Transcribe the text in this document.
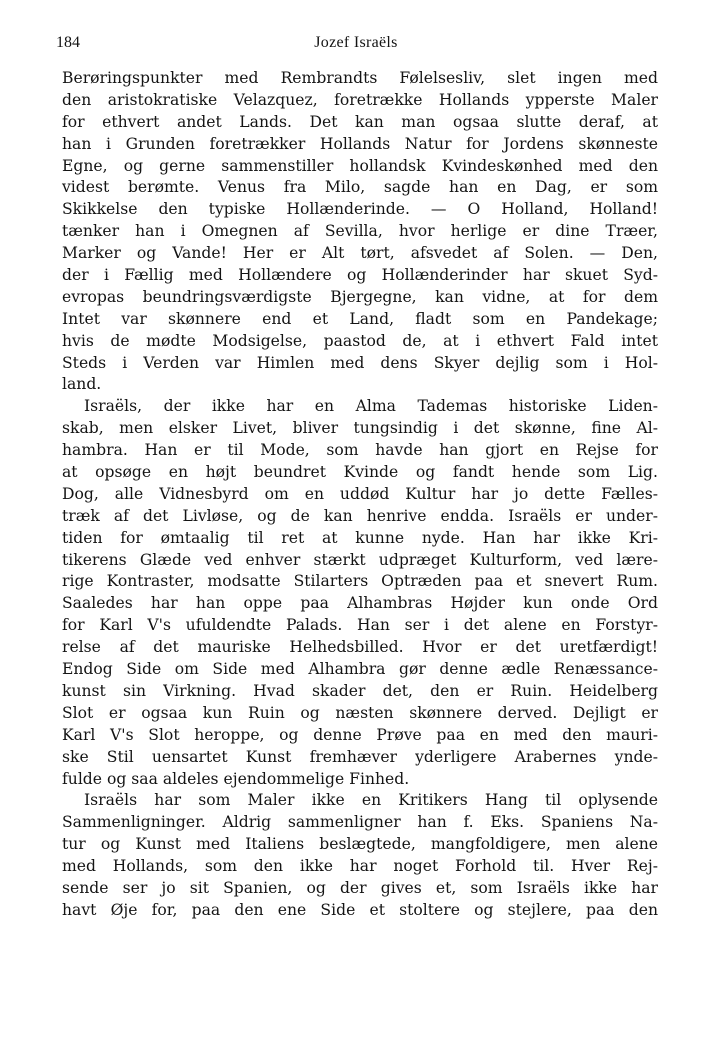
184	Jozef Israëls
Berøringspunkter med Rembrandts Følelsesliv, slet ingen med
den aristokratiske Velazquez, foretrække Hollands ypperste Maler
for ethvert andet Lands. Det kan man ogsaa slutte deraf, at
han i Grunden foretrækker Hollands Natur for Jordens skønneste
Egne, og gerne sammenstiller hollandsk Kvindeskønhed med den
videst berømte. Venus fra Milo, sagde han en Dag, er som
Skikkelse den typiske Hollænderinde. — O Holland, Holland!
tænker han i Omegnen af Sevilla, hvor herlige er dine Træer,
Marker og Vande! Her er Alt tørt, afsvedet af Solen. — Den,
der i Fællig med Hollændere og Hollænderinder har skuet Syd-
evropas beundringsværdigste Bjergegne, kan vidne, at for dem
Intet var skønnere end et Land, fladt som en Pandekage;
hvis de mødte Modsigelse, paastod de, at i ethvert Fald intet
Steds i Verden var Himlen med dens Skyer dejlig som i Hol-
land.
Israëls, der ikke har en Alma Tademas historiske Liden-
skab, men elsker Livet, bliver tungsindig i det skønne, fine Al-
hambra. Han er til Mode, som havde han gjort en Rejse for
at opsøge en højt beundret Kvinde og fandt hende som Lig.
Dog, alle Vidnesbyrd om en uddød Kultur har jo dette Fælles-
træk af det Livløse, og de kan henrive endda. Israëls er under-
tiden for ømtaalig til ret at kunne nyde. Han har ikke Kri-
tikerens Glæde ved enhver stærkt udpræget Kulturform, ved lære-
rige Kontraster, modsatte Stilarters Optræden paa et snevert Rum.
Saaledes har han oppe paa Alhambras Højder kun onde Ord
for Karl V's ufuldendte Palads. Han ser i det alene en Forstyr-
relse af det mauriske Helhedsbilled. Hvor er det uretfærdigt!
Endog Side om Side med Alhambra gør denne ædle Renæssance-
kunst sin Virkning. Hvad skader det, den er Ruin. Heidelberg
Slot er ogsaa kun Ruin og næsten skønnere derved. Dejligt er
Karl V's Slot heroppe, og denne Prøve paa en med den mauri-
ske Stil uensartet Kunst fremhæver yderligere Arabernes ynde-
fulde og saa aldeles ejendommelige Finhed.
Israëls har som Maler ikke en Kritikers Hang til oplysende
Sammenligninger. Aldrig sammenligner han f. Eks. Spaniens Na-
tur og Kunst med Italiens beslægtede, mangfoldigere, men alene
med Hollands, som den ikke har noget Forhold til. Hver Rej-
sende ser jo sit Spanien, og der gives et, som Israëls ikke har
havt Øje for, paa den ene Side et stoltere og stejlere, paa den
